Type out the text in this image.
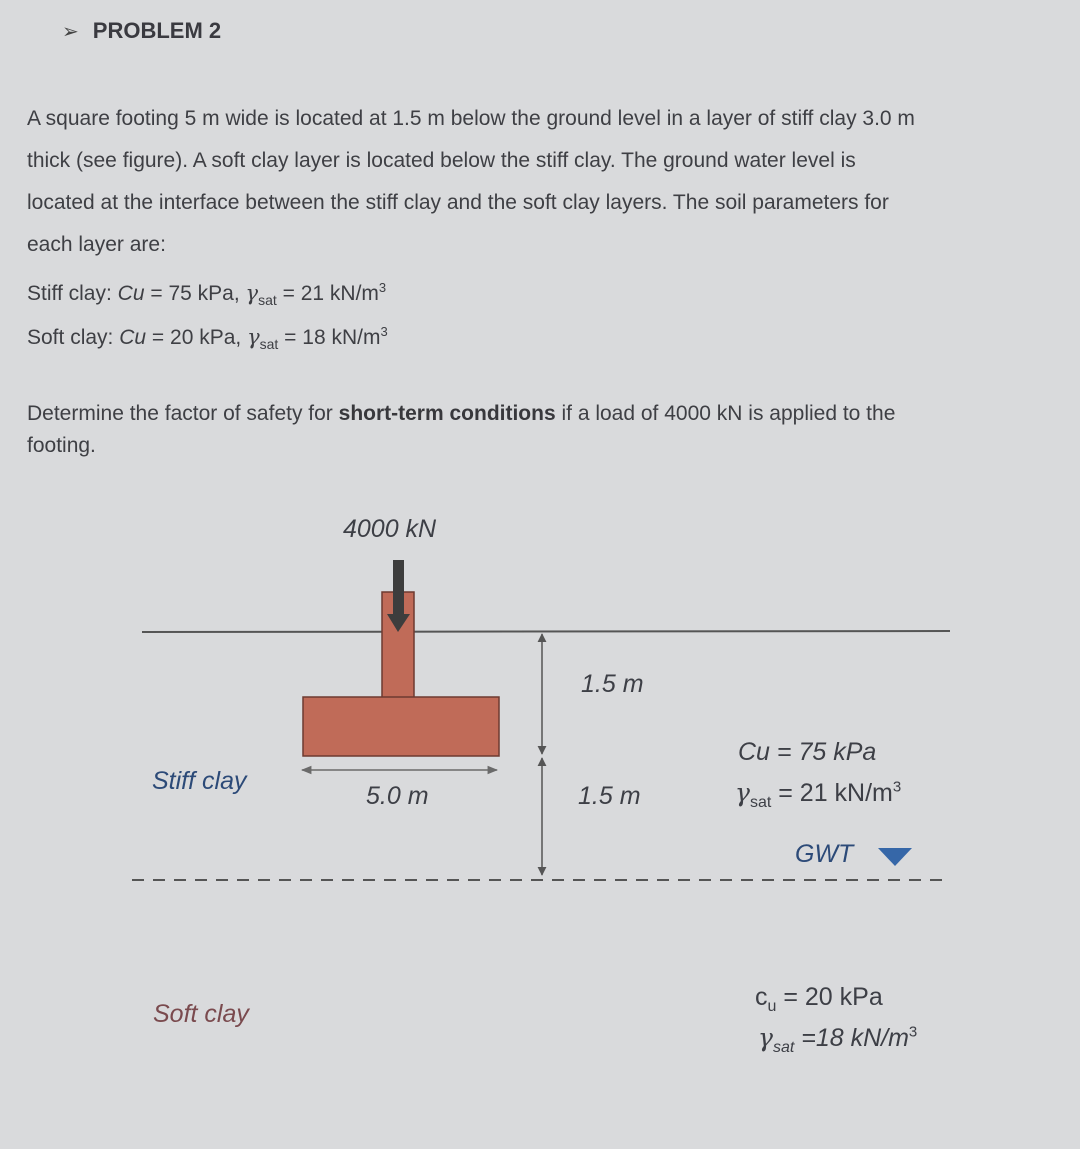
➢ PROBLEM 2

A square footing 5 m wide is located at 1.5 m below the ground level in a layer of stiff clay 3.0 m

thick (see figure). A soft clay layer is located below the stiff clay. The ground water level is

located at the interface between the stiff clay and the soft clay layers. The soil parameters for

each layer are:

Stiff clay: Cu = 75 kPa, $\gamma_{sat} = 21$ $kN/m^3$
Soft clay: Cu = 20 kPa, $\gamma_{sat} = 18$ $kN/m^3$

Determine the factor of safety for short-term conditions if a load of 4000 kN is applied to the

footing.

4000 kN
1.5 m
1.5 m
5.0 m
Stiff clay
Soft clay
GWT
Cu = 75 kPa
$\gamma_{sat} = 21$ $kN/m^3$
$c_u = 20$ kPa
$\gamma_{sat} =18$ $kN/m^3$
